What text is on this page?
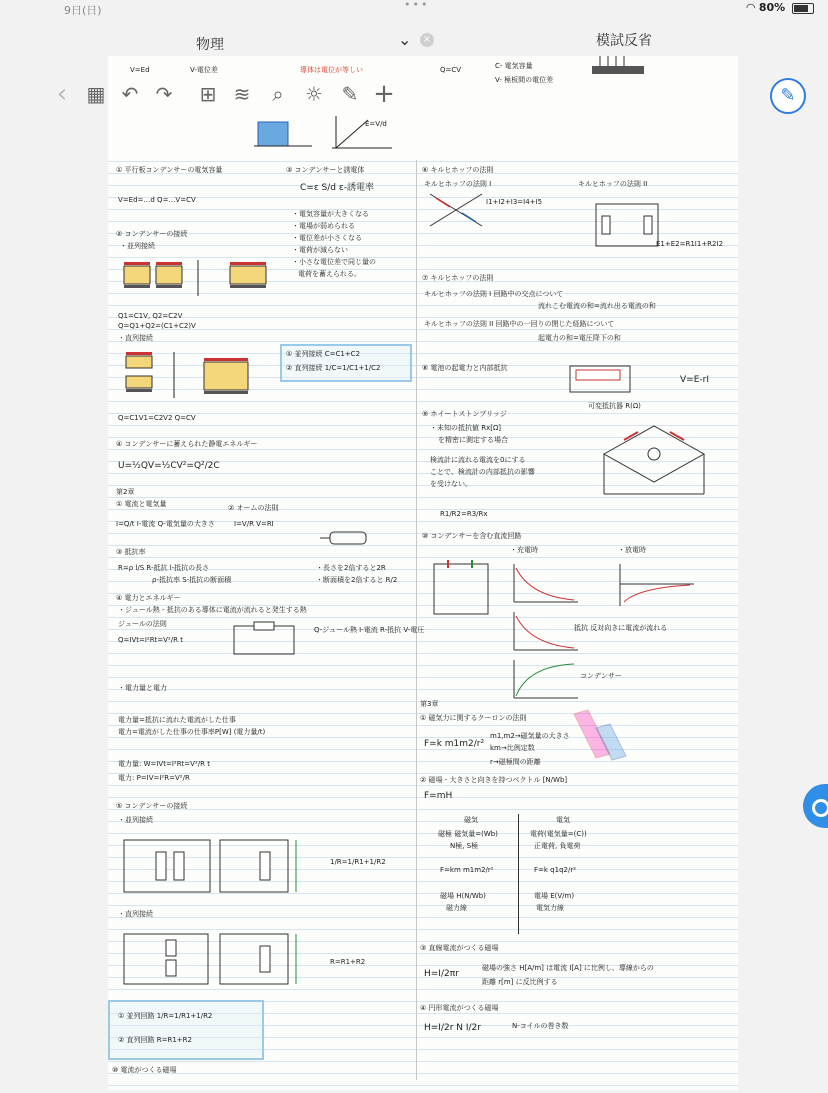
9日(日)	•••	◠ 80%
物理	⌄ ×	模試反省
‹ ▦ ↶ ↷ ⊞ ≋	⌕	☼ ✎ +	✎
V=Ed	V-電位差	導体は電位が等しい	Q=CV	C- 電気容量
V- 極板間の電位差
E=V/d
① 平行板コンデンサーの電気容量
V=Ed=…d Q=…V=CV
② コンデンサーの接続
・並列接続
Q1=C1V, Q2=C2V
Q=Q1+Q2=(C1+C2)V
・直列接続
Q=C1V1=C2V2 Q=CV
③ コンデンサーと誘電体
C=ε S/d ε-誘電率
・電気容量が大きくなる
・電場が弱められる
・電位差が小さくなる
・電荷が減らない
・小さな電位差で同じ量の
電荷を蓄えられる。
① 並列接続 C=C1+C2
② 直列接続 1/C=1/C1+1/C2
④ コンデンサーに蓄えられた静電エネルギー
U=½QV=½CV²=Q²/2C
第2章
① 電流と電気量
I=Q/t I-電流 Q-電気量の大きさ
② オームの法則
I=V/R V=RI
③ 抵抗率
R=ρ l/S R-抵抗 l-抵抗の長さ
ρ-抵抗率 S-抵抗の断面積
・長さを2倍すると2R
・断面積を2倍すると R/2
④ 電力とエネルギー
・ジュール熱 - 抵抗のある導体に電流が流れると発生する熱
ジュールの法則
Q=IVt=I²Rt=V²/R t
Q-ジュール熱 I-電流 R-抵抗 V-電圧
・電力量と電力
電力量=抵抗に流れた電流がした仕事
電力=電流がした仕事の仕事率P[W] (電力量/t)
電力量: W=IVt=I²Rt=V²/R t
電力: P=IV=I²R=V²/R
⑤ コンデンサーの接続
・並列接続
1/R=1/R1+1/R2
・直列接続
R=R1+R2
① 並列回路 1/R=1/R1+1/R2
② 直列回路 R=R1+R2
⑩ 電流がつくる磁場
⑥ キルヒホッフの法則
キルヒホッフの法則 I
I1+I2+I3=I4+I5
キルヒホッフの法則 II
E1+E2=R1I1+R2I2
⑦ キルヒホッフの法則
キルヒホッフの法則 I 回路中の交点について
流れこむ電流の和=流れ出る電流の和
キルヒホッフの法則 II 回路中の一回りの閉じた経路について
起電力の和=電圧降下の和
⑧ 電池の起電力と内部抵抗
V=E-rI
可変抵抗器 R(Ω)
⑨ ホイートストンブリッジ
・未知の抵抗値 Rx[Ω]
を精密に測定する場合
検流計に流れる電流を0にする
ことで、検流計の内部抵抗の影響
を受けない。
R1/R2=R3/Rx
⑩ コンデンサーを含む直流回路
・充電時	・放電時
抵抗 反対向きに電流が流れる
コンデンサー
第3章
① 磁気力に関するクーロンの法則
F=k m1m2/r²
m1,m2→磁気量の大きさ
km→比例定数
r→磁極間の距離
② 磁場 - 大きさと向きを持つベクトル [N/Wb]
F=mH
磁気	電気
磁極 磁気量=(Wb)	電荷(電気量=(C))
N極, S極	正電荷, 負電荷
F=km m1m2/r²	F=k q1q2/r²
磁場 H(N/Wb)	電場 E(V/m)
磁力線	電気力線
③ 直線電流がつくる磁場
H=I/2πr
磁場の強さ H[A/m] は電流 I[A] に比例し、導線からの
距離 r[m] に反比例する
④ 円形電流がつくる磁場
H=I/2r N I/2r	N-コイルの巻き数
